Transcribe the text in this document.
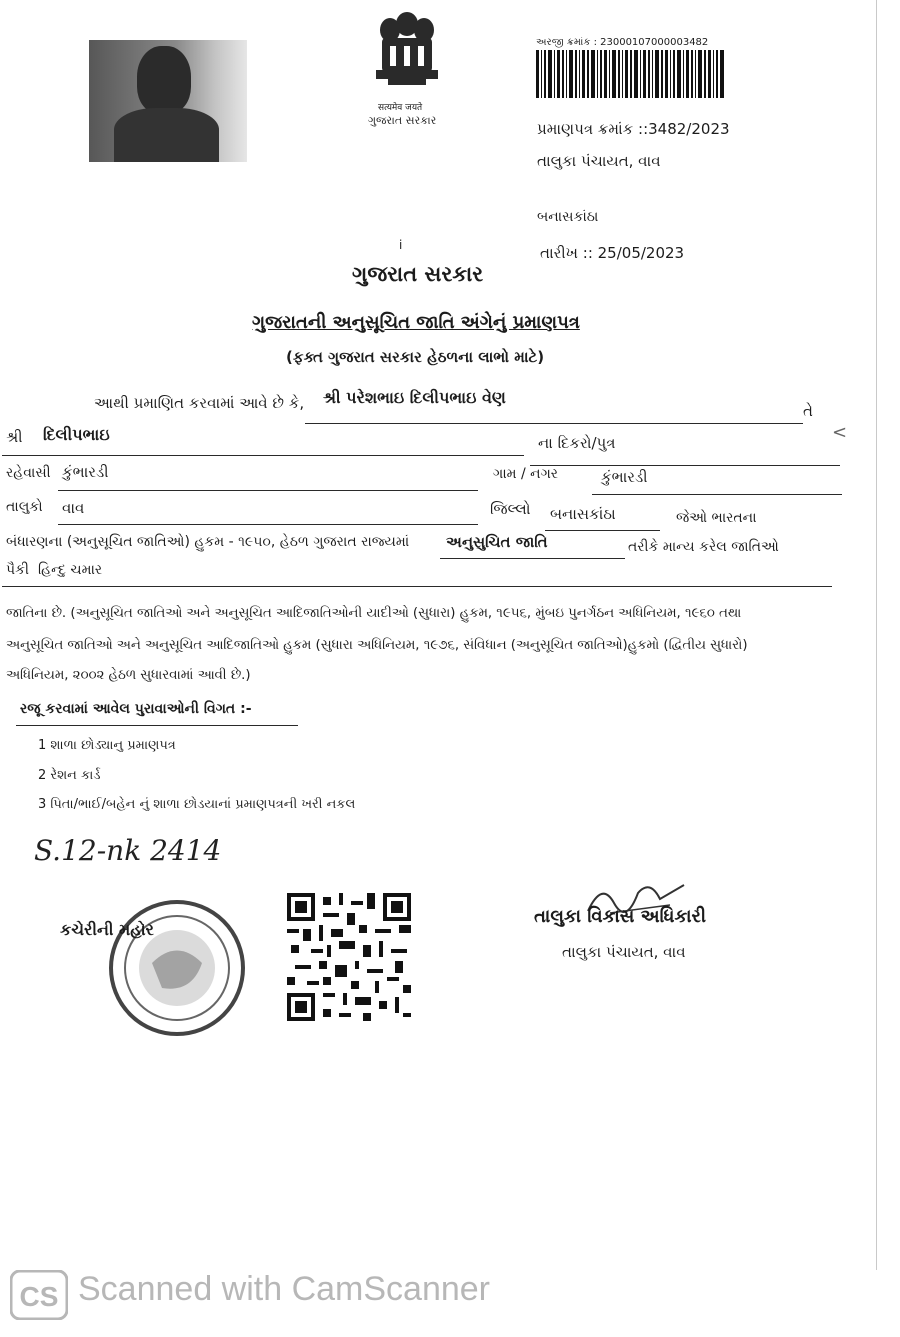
सत्यमेव जयते
ગુજરાત સરકાર
અરજી ક્રમાંક : 23000107000003482
પ્રમાણપત્ર ક્રમાંક ::3482/2023
તાલુકા પંચાયત, વાવ
બનાસકાંઠા
i	તારીખ :: 25/05/2023
ગુજરાત સરકાર
ગુજરાતની અનુસૂચિત જાતિ અંગેનું પ્રમાણપત્ર
(ફક્ત ગુજરાત સરકાર હેઠળના લાભો માટે)
આથી પ્રમાણિત કરવામાં આવે છે કે, શ્રી પરેશભાઇ દિલીપભાઇ વેણ
તે
<
શ્રી દિલીપભાઇ	ના દિકરો/પુત્ર
રહેવાસી કુંભારડી	ગામ / નગર	કુંભારડી
તાલુકો વાવ	જિલ્લો બનાસકાંઠા	જેઓ ભારતના
બંધારણના (અનુસૂચિત જાતિઓ) હુકમ - ૧૯૫૦, હેઠળ ગુજરાત રાજ્યમાં અનુસુચિત જાતિ	તરીકે માન્ય કરેલ જાતિઓ
પૈકી હિન્દુ ચમાર
જાતિના છે. (અનુસૂચિત જાતિઓ અને અનુસૂચિત આદિજાતિઓની યાદીઓ (સુધારા) હુકમ, ૧૯૫૬, મુંબઇ પુનર્ગઠન અધિનિયમ, ૧૯૬૦ તથા
અનુસૂચિત જાતિઓ અને અનુસૂચિત આદિજાતિઓ હુકમ (સુધારા અધિનિયમ, ૧૯૭૬, સંવિધાન (અનુસૂચિત જાતિઓ)હુકમો (દ્વિતીય સુધારો)
અધિનિયમ, ૨૦૦૨ હેઠળ સુધારવામાં આવી છે.)
રજૂ કરવામાં આવેલ પુરાવાઓની વિગત :-
1 શાળા છોડ્યાનુ પ્રમાણપત્ર
2 રેશન કાર્ડ
3 પિતા/ભાઈ/બહેન નું શાળા છોડયાનાં પ્રમાણપત્રની ખરી નકલ
S.12-nk 2414
કચેરીની મહોર
તાલુકા વિકાસ અધિકારી
તાલુકા પંચાયત, વાવ
CS Scanned with CamScanner
